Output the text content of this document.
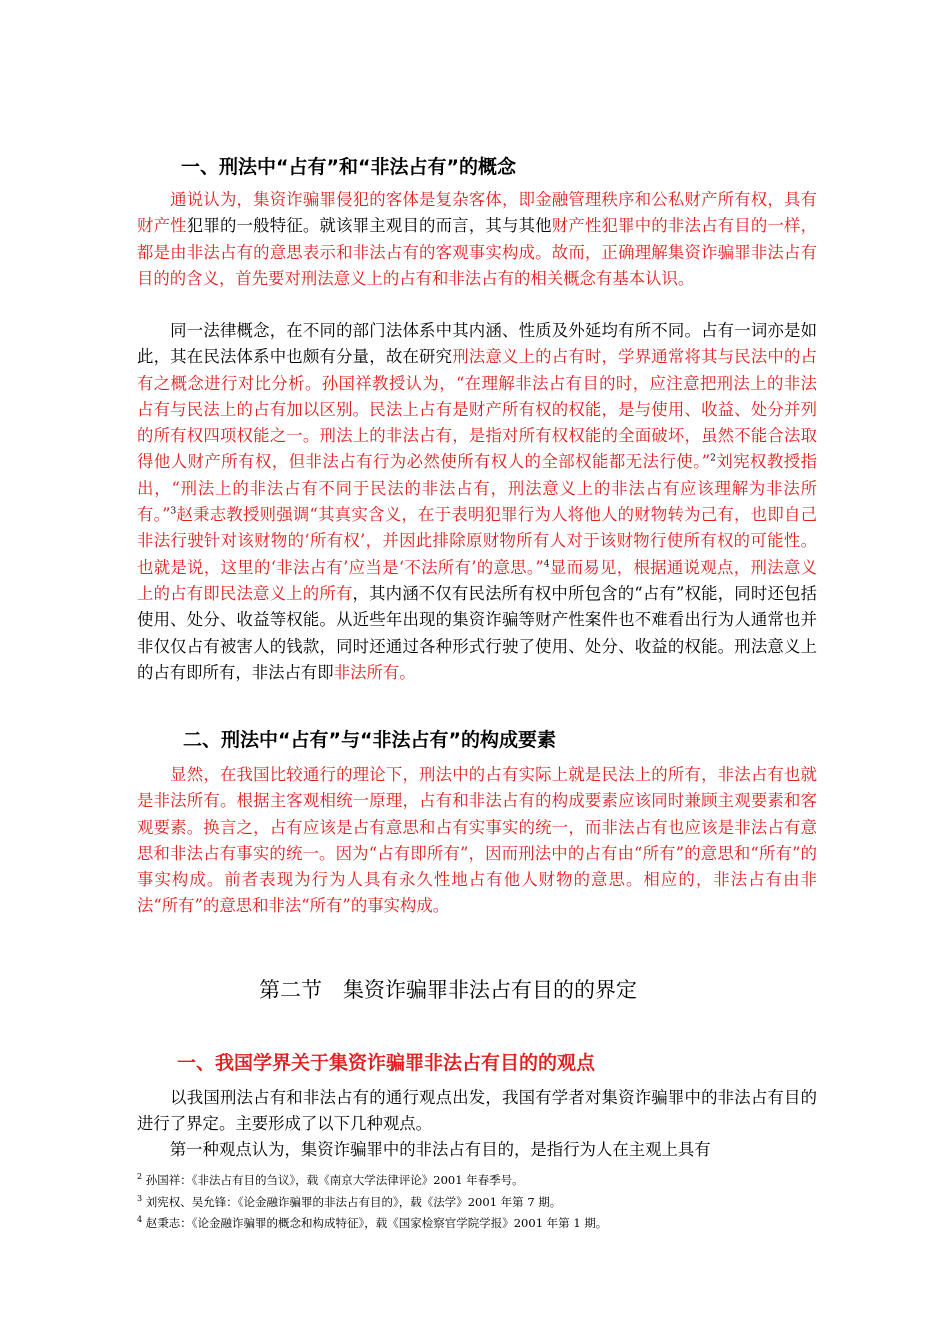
一、刑法中“占有”和“非法占有”的概念

　　通说认为，集资诈骗罪侵犯的客体是复杂客体，即金融管理秩序和公私财产所有权，具有财产性犯罪的一般特征。就该罪主观目的而言，其与其他财产性犯罪中的非法占有目的一样，都是由非法占有的意思表示和非法占有的客观事实构成。故而，正确理解集资诈骗罪非法占有目的的含义，首先要对刑法意义上的占有和非法占有的相关概念有基本认识。

　　同一法律概念，在不同的部门法体系中其内涵、性质及外延均有所不同。占有一词亦是如此，其在民法体系中也颇有分量，故在研究刑法意义上的占有时，学界通常将其与民法中的占有之概念进行对比分析。孙国祥教授认为，“在理解非法占有目的时，应注意把刑法上的非法占有与民法上的占有加以区别。民法上占有是财产所有权的权能，是与使用、收益、处分并列的所有权四项权能之一。刑法上的非法占有，是指对所有权权能的全面破坏，虽然不能合法取得他人财产所有权，但非法占有行为必然使所有权人的全部权能都无法行使。”$^2$刘宪权教授指出，“刑法上的非法占有不同于民法的非法占有，刑法意义上的非法占有应该理解为非法所有。”$^3$赵秉志教授则强调“其真实含义，在于表明犯罪行为人将他人的财物转为己有，也即自己非法行驶针对该财物的‘所有权’，并因此排除原财物所有人对于该财物行使所有权的可能性。也就是说，这里的‘非法占有’应当是‘不法所有’的意思。”$^4$显而易见，根据通说观点，刑法意义上的占有即民法意义上的所有，其内涵不仅有民法所有权中所包含的“占有”权能，同时还包括使用、处分、收益等权能。从近些年出现的集资诈骗等财产性案件也不难看出行为人通常也并非仅仅占有被害人的钱款，同时还通过各种形式行驶了使用、处分、收益的权能。刑法意义上的占有即所有，非法占有即非法所有。

二、刑法中“占有”与“非法占有”的构成要素

　　显然，在我国比较通行的理论下，刑法中的占有实际上就是民法上的所有，非法占有也就是非法所有。根据主客观相统一原理，占有和非法占有的构成要素应该同时兼顾主观要素和客观要素。换言之，占有应该是占有意思和占有实事实的统一，而非法占有也应该是非法占有意思和非法占有事实的统一。因为“占有即所有”，因而刑法中的占有由“所有”的意思和“所有”的事实构成。前者表现为行为人具有永久性地占有他人财物的意思。相应的，非法占有由非法“所有”的意思和非法“所有”的事实构成。

第二节　集资诈骗罪非法占有目的的界定
一、我国学界关于集资诈骗罪非法占有目的的观点

　　以我国刑法占有和非法占有的通行观点出发，我国有学者对集资诈骗罪中的非法占有目的进行了界定。主要形成了以下几种观点。

　　第一种观点认为，集资诈骗罪中的非法占有目的，是指行为人在主观上具有

$^2$ 孙国祥：《非法占有目的刍议》，载《南京大学法律评论》2001 年春季号。
$^3$ 刘宪权、吴允锋：《论金融诈骗罪的非法占有目的》，载《法学》2001 年第 7 期。
$^4$ 赵秉志：《论金融诈骗罪的概念和构成特征》，载《国家检察官学院学报》2001 年第 1 期。
